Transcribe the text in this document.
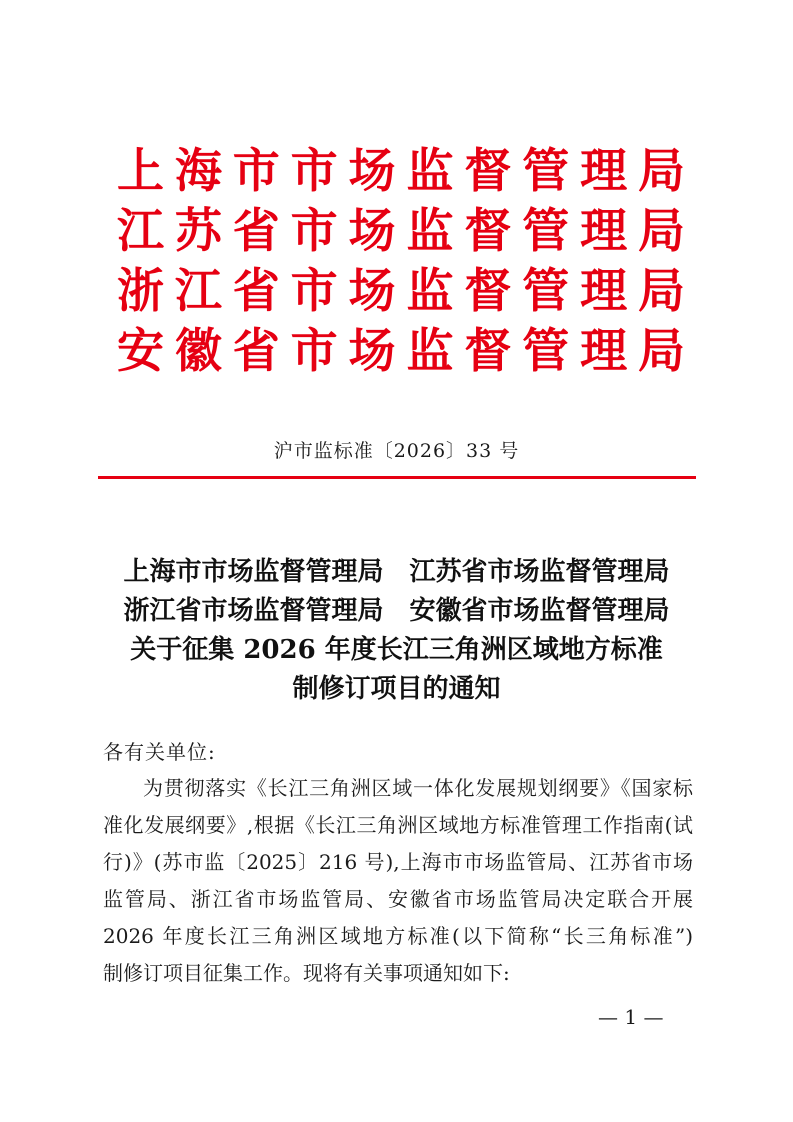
上海市市场监督管理局
江苏省市场监督管理局
浙江省市场监督管理局
安徽省市场监督管理局
沪市监标准〔2026〕33 号

上海市市场监督管理局　江苏省市场监督管理局

浙江省市场监督管理局　安徽省市场监督管理局

关于征集 2026 年度长江三角洲区域地方标准

制修订项目的通知

各有关单位:
为贯彻落实《长江三角洲区域一体化发展规划纲要》《国家标
准化发展纲要》,根据《长江三角洲区域地方标准管理工作指南(试
行)》(苏市监〔2025〕216 号),上海市市场监管局、江苏省市场
监管局、浙江省市场监管局、安徽省市场监管局决定联合开展
2026 年度长江三角洲区域地方标准(以下简称“长三角标准”)
制修订项目征集工作。现将有关事项通知如下:
— 1 —
